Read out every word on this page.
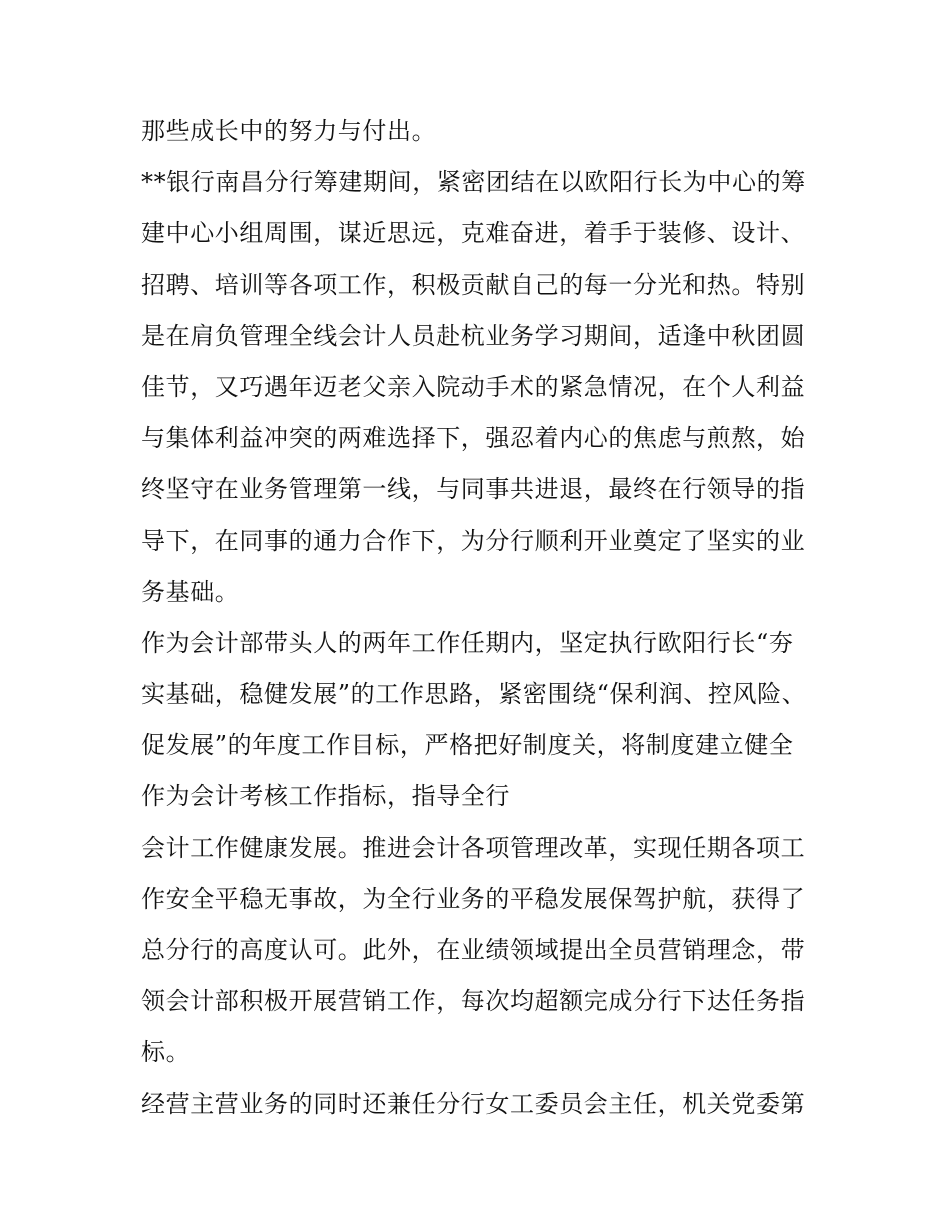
那些成长中的努力与付出。
**银行南昌分行筹建期间，紧密团结在以欧阳行长为中心的筹
建中心小组周围，谋近思远，克难奋进，着手于装修、设计、
招聘、培训等各项工作，积极贡献自己的每一分光和热。特别
是在肩负管理全线会计人员赴杭业务学习期间，适逢中秋团圆
佳节，又巧遇年迈老父亲入院动手术的紧急情况，在个人利益
与集体利益冲突的两难选择下，强忍着内心的焦虑与煎熬，始
终坚守在业务管理第一线，与同事共进退，最终在行领导的指
导下，在同事的通力合作下，为分行顺利开业奠定了坚实的业
务基础。
作为会计部带头人的两年工作任期内，坚定执行欧阳行长“夯
实基础，稳健发展”的工作思路，紧密围绕“保利润、控风险、
促发展”的年度工作目标，严格把好制度关，将制度建立健全
作为会计考核工作指标，指导全行
会计工作健康发展。推进会计各项管理改革，实现任期各项工
作安全平稳无事故，为全行业务的平稳发展保驾护航，获得了
总分行的高度认可。此外，在业绩领域提出全员营销理念，带
领会计部积极开展营销工作，每次均超额完成分行下达任务指
标。
经营主营业务的同时还兼任分行女工委员会主任，机关党委第
